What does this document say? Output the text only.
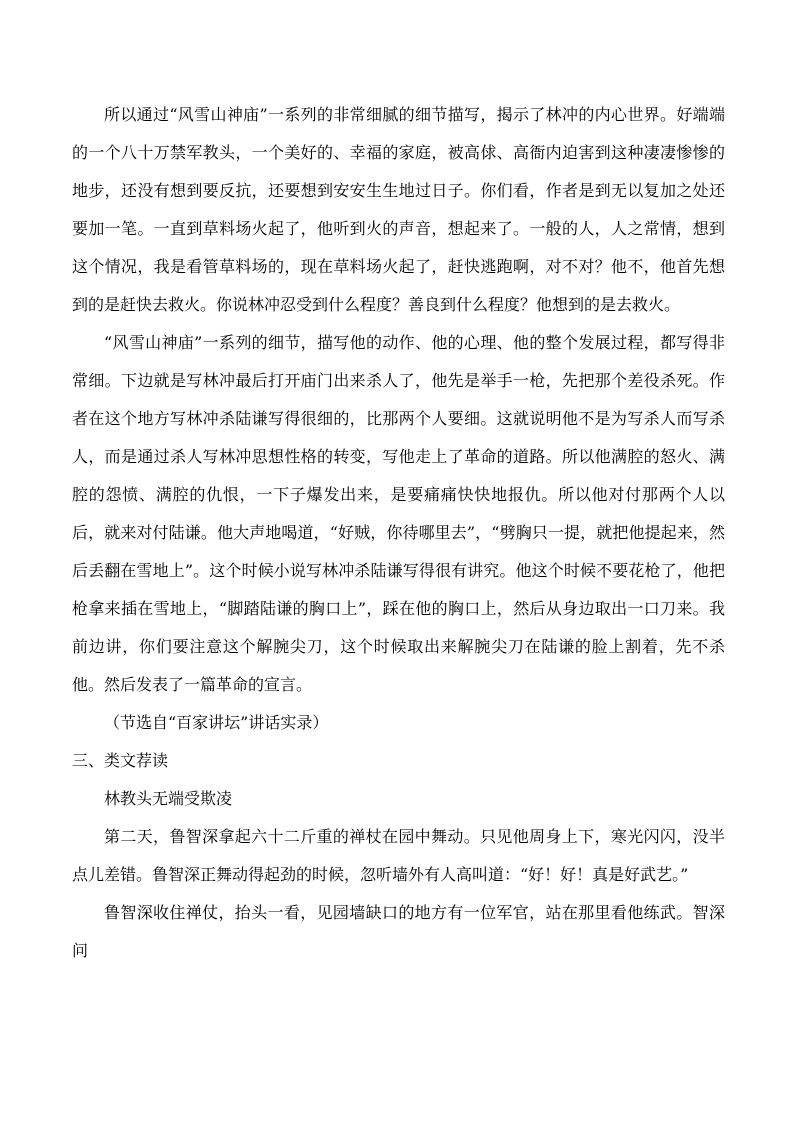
所以通过“风雪山神庙”一系列的非常细腻的细节描写，揭示了林冲的内心世界。好端端的一个八十万禁军教头，一个美好的、幸福的家庭，被高俅、高衙内迫害到这种凄凄惨惨的地步，还没有想到要反抗，还要想到安安生生地过日子。你们看，作者是到无以复加之处还要加一笔。一直到草料场火起了，他听到火的声音，想起来了。一般的人，人之常情，想到这个情况，我是看管草料场的，现在草料场火起了，赶快逃跑啊，对不对？他不，他首先想到的是赶快去救火。你说林冲忍受到什么程度？善良到什么程度？他想到的是去救火。

“风雪山神庙”一系列的细节，描写他的动作、他的心理、他的整个发展过程，都写得非常细。下边就是写林冲最后打开庙门出来杀人了，他先是举手一枪，先把那个差役杀死。作者在这个地方写林冲杀陆谦写得很细的，比那两个人要细。这就说明他不是为写杀人而写杀人，而是通过杀人写林冲思想性格的转变，写他走上了革命的道路。所以他满腔的怒火、满腔的怨愤、满腔的仇恨，一下子爆发出来，是要痛痛快快地报仇。所以他对付那两个人以后，就来对付陆谦。他大声地喝道，“好贼，你待哪里去”，“劈胸只一提，就把他提起来，然后丢翻在雪地上”。这个时候小说写林冲杀陆谦写得很有讲究。他这个时候不要花枪了，他把枪拿来插在雪地上，“脚踏陆谦的胸口上”，踩在他的胸口上，然后从身边取出一口刀来。我前边讲，你们要注意这个解腕尖刀，这个时候取出来解腕尖刀在陆谦的脸上割着，先不杀他。然后发表了一篇革命的宣言。

（节选自“百家讲坛”讲话实录）

三、类文荐读

林教头无端受欺凌

第二天，鲁智深拿起六十二斤重的禅杖在园中舞动。只见他周身上下，寒光闪闪，没半点儿差错。鲁智深正舞动得起劲的时候，忽听墙外有人高叫道：“好！好！真是好武艺。”

鲁智深收住禅仗，抬头一看，见园墙缺口的地方有一位军官，站在那里看他练武。智深问
